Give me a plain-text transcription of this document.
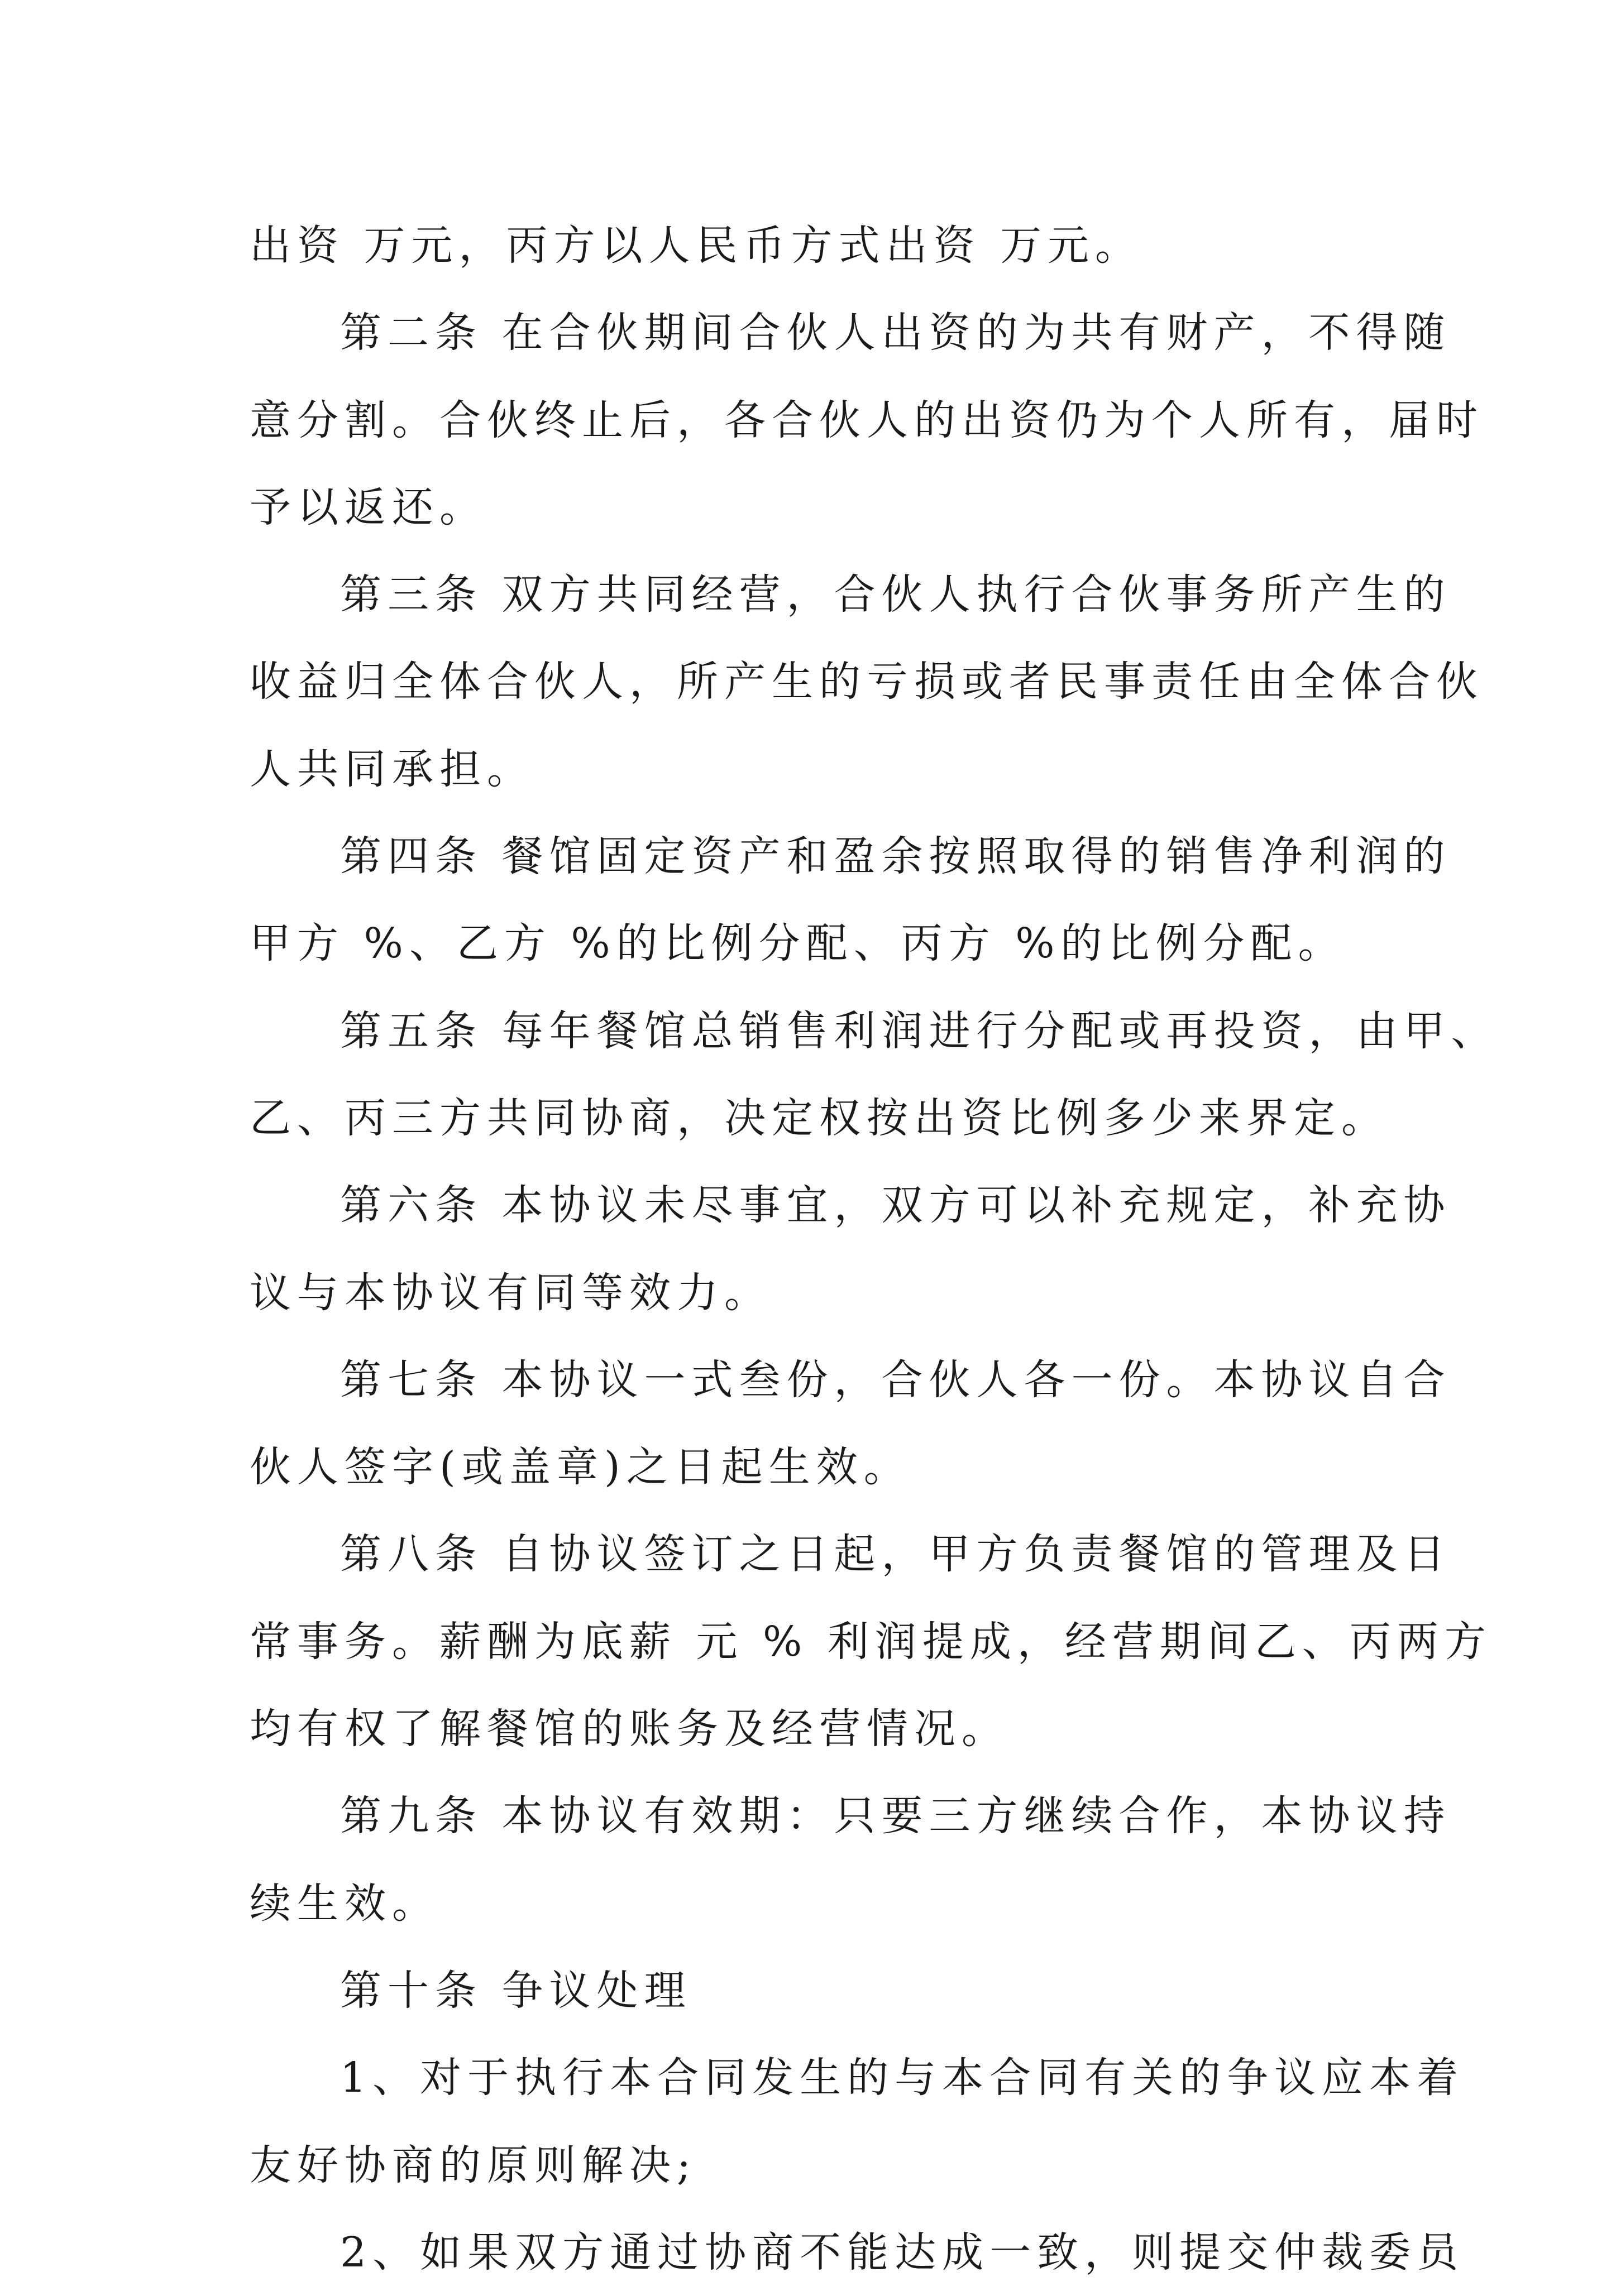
出资 万元，丙方以人民币方式出资 万元。
第二条 在合伙期间合伙人出资的为共有财产，不得随
意分割。合伙终止后，各合伙人的出资仍为个人所有，届时
予以返还。
第三条 双方共同经营，合伙人执行合伙事务所产生的
收益归全体合伙人，所产生的亏损或者民事责任由全体合伙
人共同承担。
第四条 餐馆固定资产和盈余按照取得的销售净利润的
甲方 %、乙方 %的比例分配、丙方 %的比例分配。
第五条 每年餐馆总销售利润进行分配或再投资，由甲、
乙、丙三方共同协商，决定权按出资比例多少来界定。
第六条 本协议未尽事宜，双方可以补充规定，补充协
议与本协议有同等效力。
第七条 本协议一式叁份，合伙人各一份。本协议自合
伙人签字(或盖章)之日起生效。
第八条 自协议签订之日起，甲方负责餐馆的管理及日
常事务。薪酬为底薪 元 % 利润提成，经营期间乙、丙两方
均有权了解餐馆的账务及经营情况。
第九条 本协议有效期：只要三方继续合作，本协议持
续生效。
第十条 争议处理
1、对于执行本合同发生的与本合同有关的争议应本着
友好协商的原则解决;
2、如果双方通过协商不能达成一致，则提交仲裁委员
